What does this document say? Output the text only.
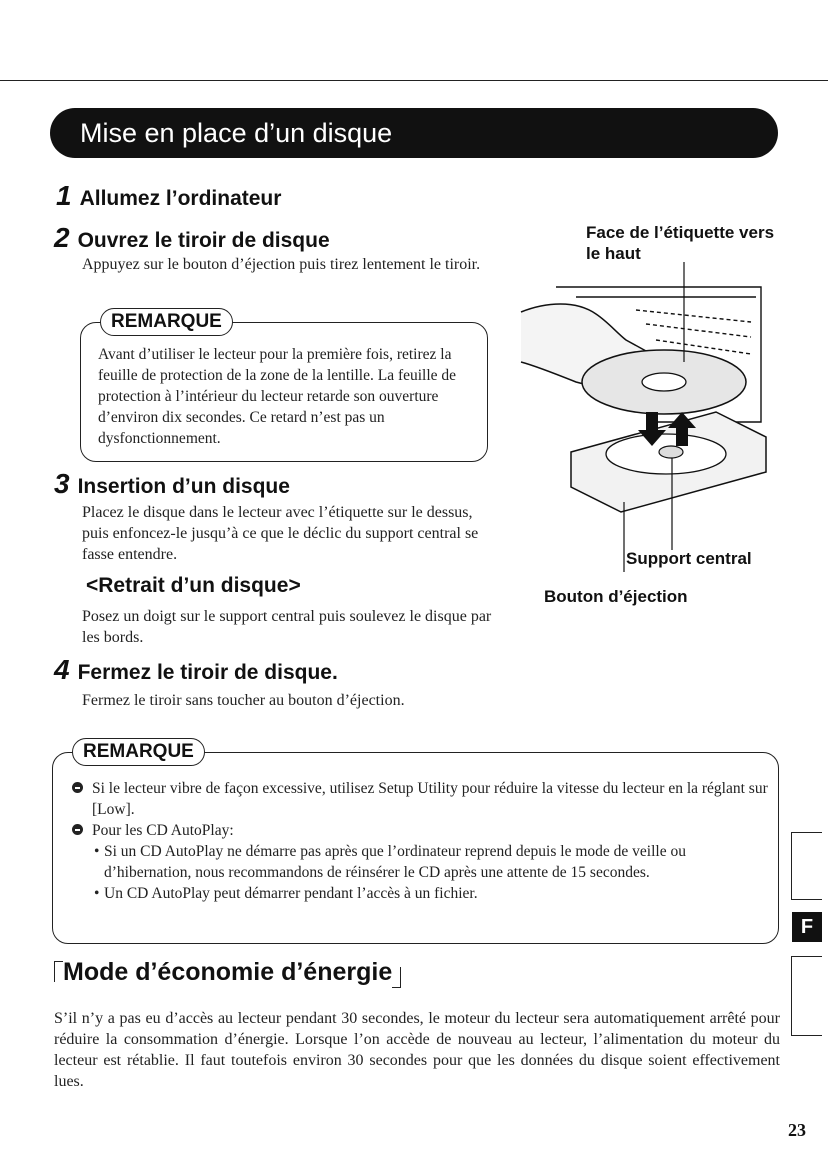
Mise en place d’un disque
1 Allumez l’ordinateur
2 Ouvrez le tiroir de disque
Appuyez sur le bouton d’éjection puis tirez lentement le tiroir.
REMARQUE
Avant d’utiliser le lecteur pour la première fois, retirez la feuille de protection de la zone de la lentille. La feuille de protection à l’intérieur du lecteur retarde son ouverture d’environ dix secondes. Ce retard n’est pas un dysfonctionnement.
3 Insertion d’un disque
Placez le disque dans le lecteur avec l’étiquette sur le dessus, puis enfoncez-le jusqu’à ce que le déclic du support central se fasse entendre.
<Retrait d’un disque>
Posez un doigt sur le support central puis soulevez le disque par les bords.
4 Fermez le tiroir de disque.
Fermez le tiroir sans toucher au bouton d’éjection.
Face de l’étiquette vers le haut
Support central
Bouton d’éjection
REMARQUE
Si le lecteur vibre de façon excessive, utilisez Setup Utility pour réduire la vitesse du lecteur en la réglant sur [Low].
Pour les CD AutoPlay:
• Si un CD AutoPlay ne démarre pas après que l’ordinateur reprend depuis le mode de veille ou d’hibernation, nous recommandons de réinsérer le CD après une attente de 15 secondes.
• Un CD AutoPlay peut démarrer pendant l’accès à un fichier.
Mode d’économie d’énergie
S’il n’y a pas eu d’accès au lecteur pendant 30 secondes, le moteur du lecteur sera automatiquement arrêté pour réduire la consommation d’énergie. Lorsque l’on accède de nouveau au lecteur, l’alimentation du moteur du lecteur est rétablie. Il faut toutefois environ 30 secondes pour que les données du disque soient effectivement lues.
F
23
